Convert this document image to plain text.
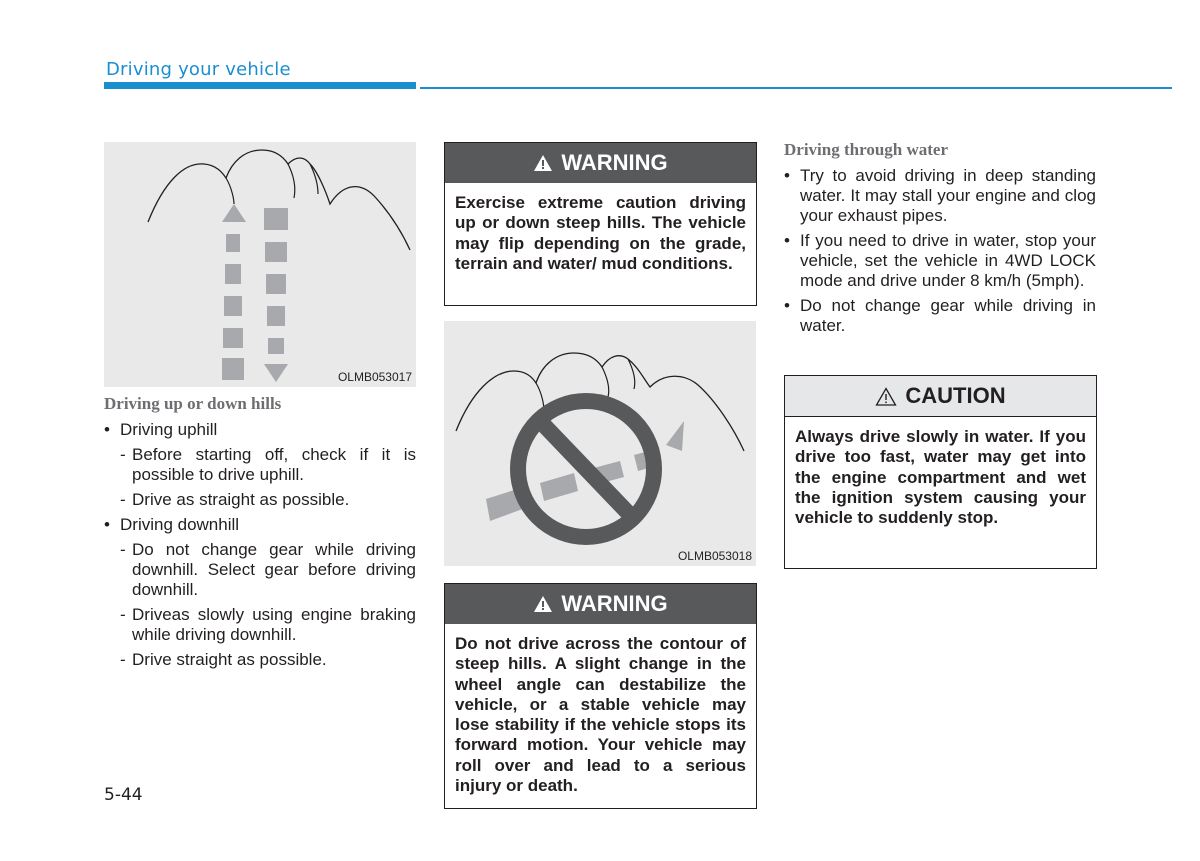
Driving your vehicle
OLMB053017
Driving up or down hills
• Driving uphill
- Before starting off, check if it is possible to drive uphill.
- Drive as straight as possible.
• Driving downhill
- Do not change gear while driving downhill. Select gear before driving downhill.
- Driveas slowly using engine braking while driving downhill.
- Drive straight as possible.
WARNING
Exercise extreme caution driving up or down steep hills. The vehicle may flip depending on the grade, terrain and water/ mud conditions.
OLMB053018
WARNING
Do not drive across the contour of steep hills. A slight change in the wheel angle can destabilize the vehicle, or a stable vehicle may lose stability if the vehicle stops its forward motion. Your vehicle may roll over and lead to a serious injury or death.
Driving through water
• Try to avoid driving in deep standing water. It may stall your engine and clog your exhaust pipes.
• If you need to drive in water, stop your vehicle, set the vehicle in 4WD LOCK mode and drive under 8 km/h (5mph).
• Do not change gear while driving in water.
CAUTION
Always drive slowly in water. If you drive too fast, water may get into the engine compartment and wet the ignition system causing your vehicle to suddenly stop.
5-44
